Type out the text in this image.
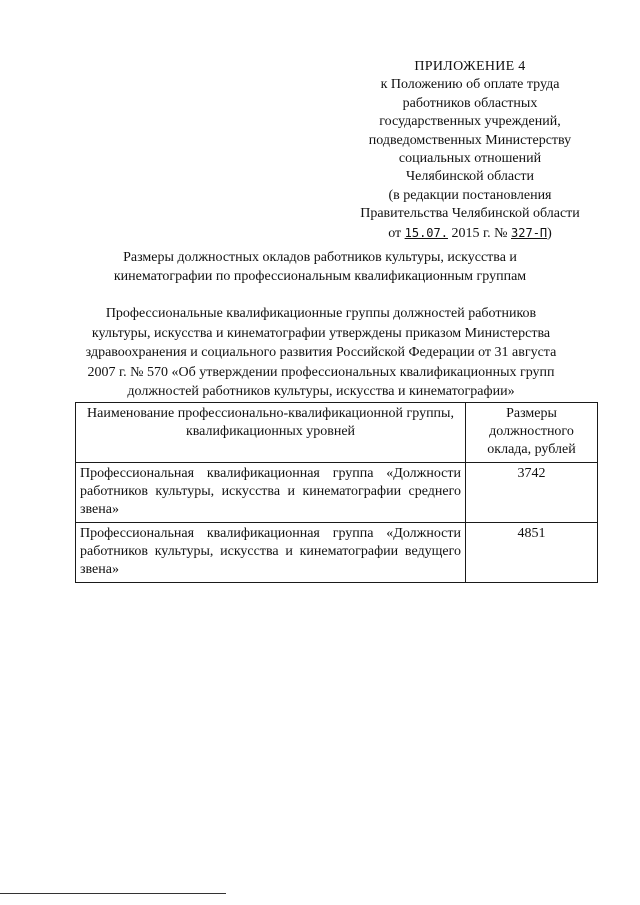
ПРИЛОЖЕНИЕ 4
к Положению об оплате труда
работников областных
государственных учреждений,
подведомственных Министерству
социальных отношений
Челябинской области
(в редакции постановления
Правительства Челябинской области
от 15.07. 2015 г. № 327-П)
Размеры должностных окладов работников культуры, искусства и
кинематографии по профессиональным квалификационным группам
Профессиональные квалификационные группы должностей работников
культуры, искусства и кинематографии утверждены приказом Министерства
здравоохранения и социального развития Российской Федерации от 31 августа
2007 г. № 570 «Об утверждении профессиональных квалификационных групп
должностей работников культуры, искусства и кинематографии»
Наименование профессионально-квалификационной группы, квалификационных уровней	Размеры должностного оклада, рублей
Профессиональная квалификационная группа «Должности работников культуры, искусства и кинематографии среднего звена»	3742
Профессиональная квалификационная группа «Должности работников культуры, искусства и кинематографии ведущего звена»	4851
